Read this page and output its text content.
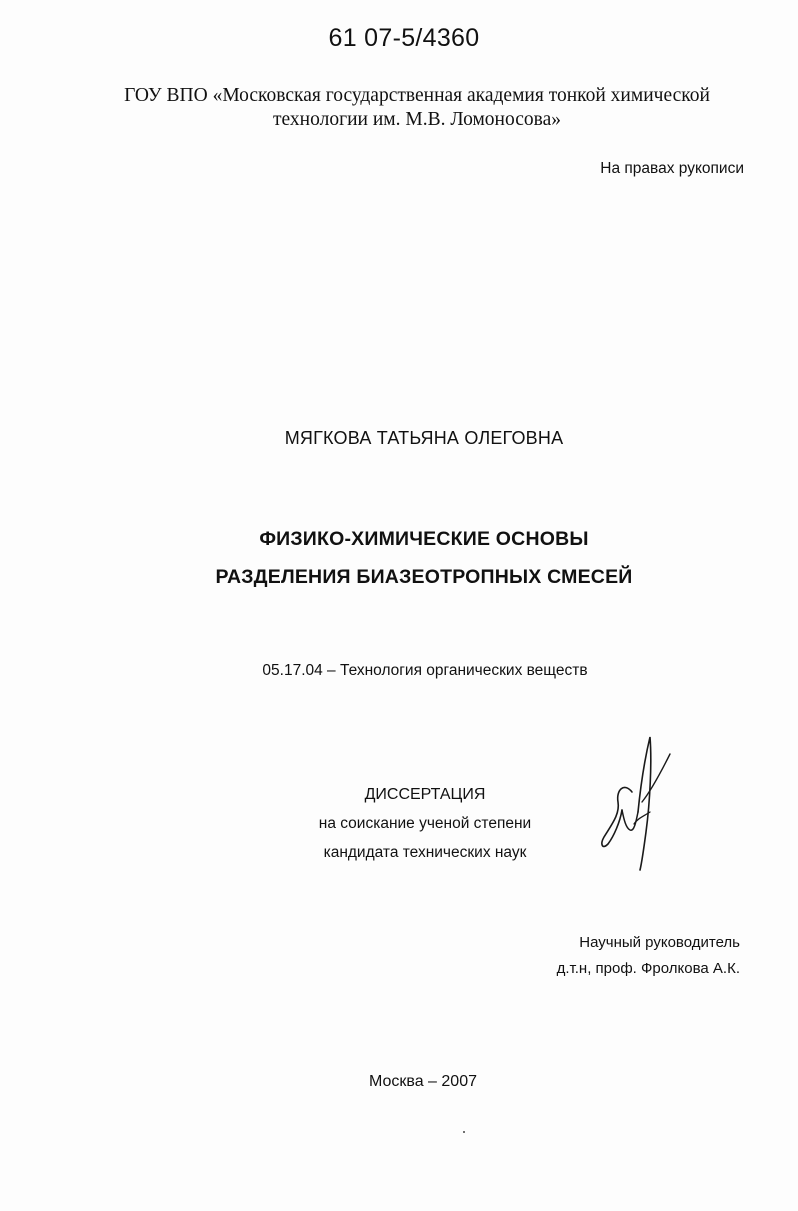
61 07-5/4360
ГОУ ВПО «Московская государственная академия тонкой химической
технологии им. М.В. Ломоносова»
На правах рукописи
МЯГКОВА ТАТЬЯНА ОЛЕГОВНА
ФИЗИКО-ХИМИЧЕСКИЕ ОСНОВЫ
РАЗДЕЛЕНИЯ БИАЗЕОТРОПНЫХ СМЕСЕЙ
05.17.04 – Технология органических веществ
ДИССЕРТАЦИЯ
на соискание ученой степени
кандидата технических наук
Научный руководитель
д.т.н, проф. Фролкова А.К.
Москва – 2007
